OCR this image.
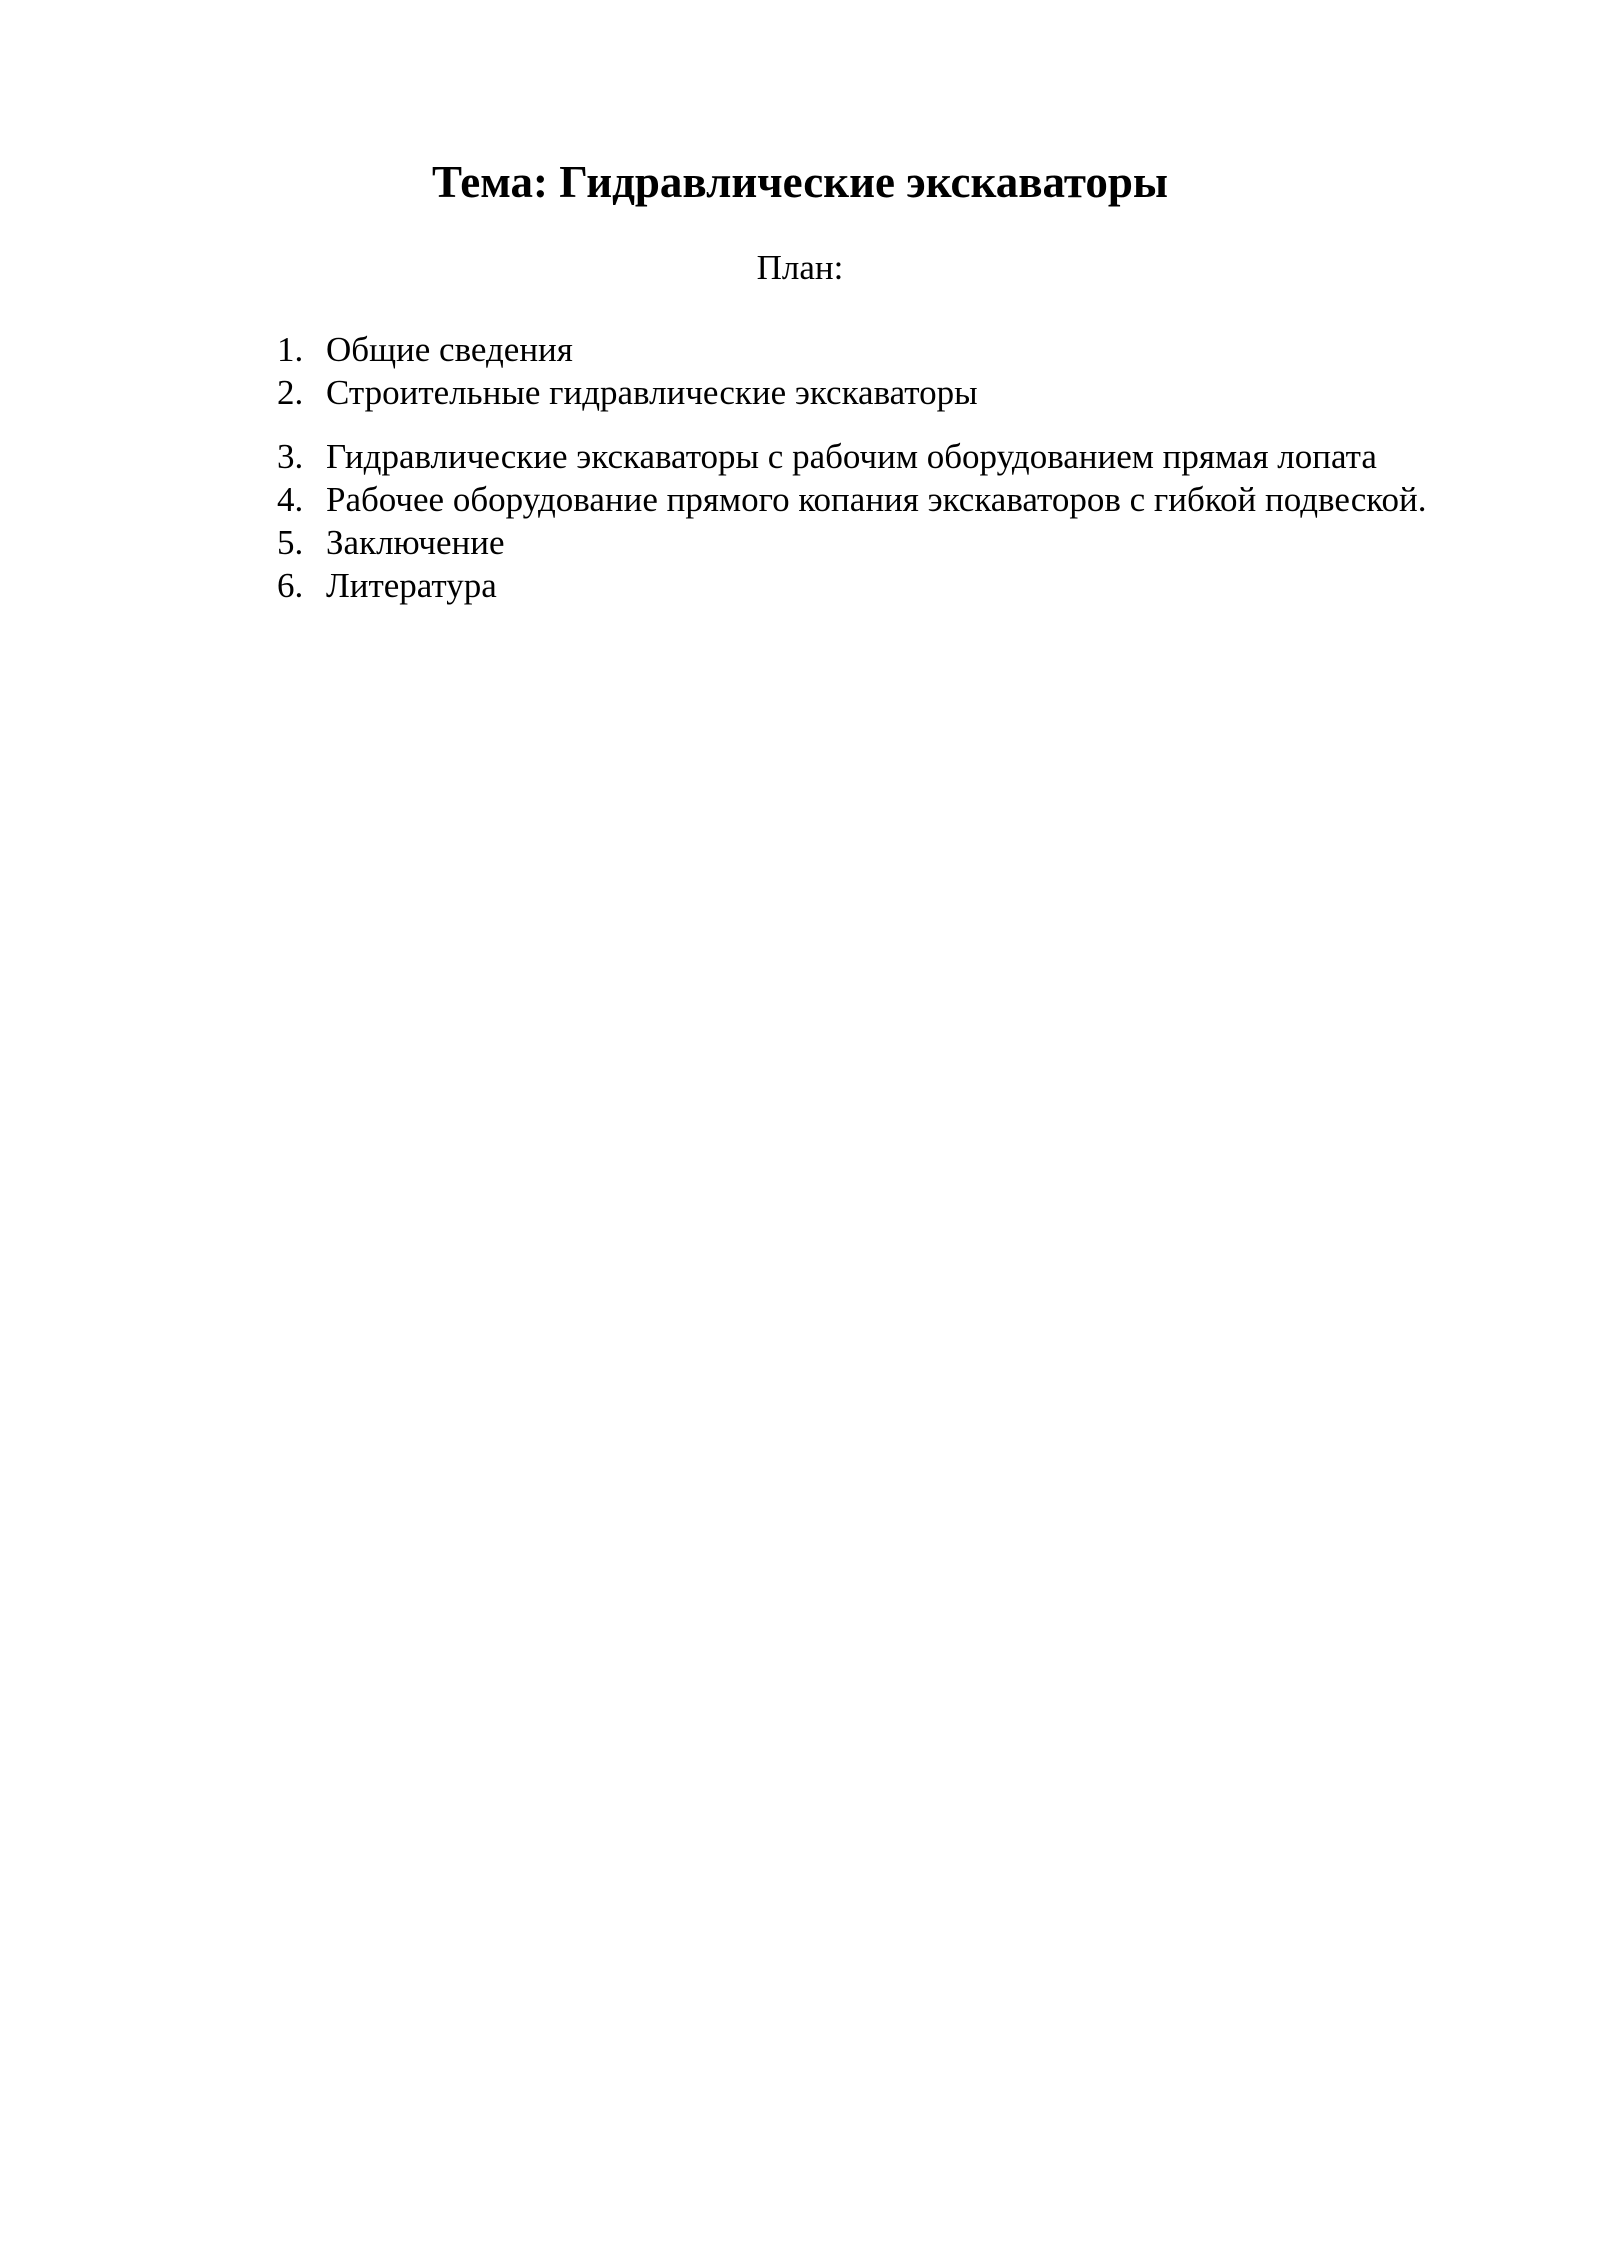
Тема: Гидравлические экскаваторы

План:

1. Общие сведения
2. Строительные гидравлические экскаваторы
3. Гидравлические экскаваторы с рабочим оборудованием прямая лопата
4. Рабочее оборудование прямого копания экскаваторов с гибкой подвеской.
5. Заключение
6. Литература
